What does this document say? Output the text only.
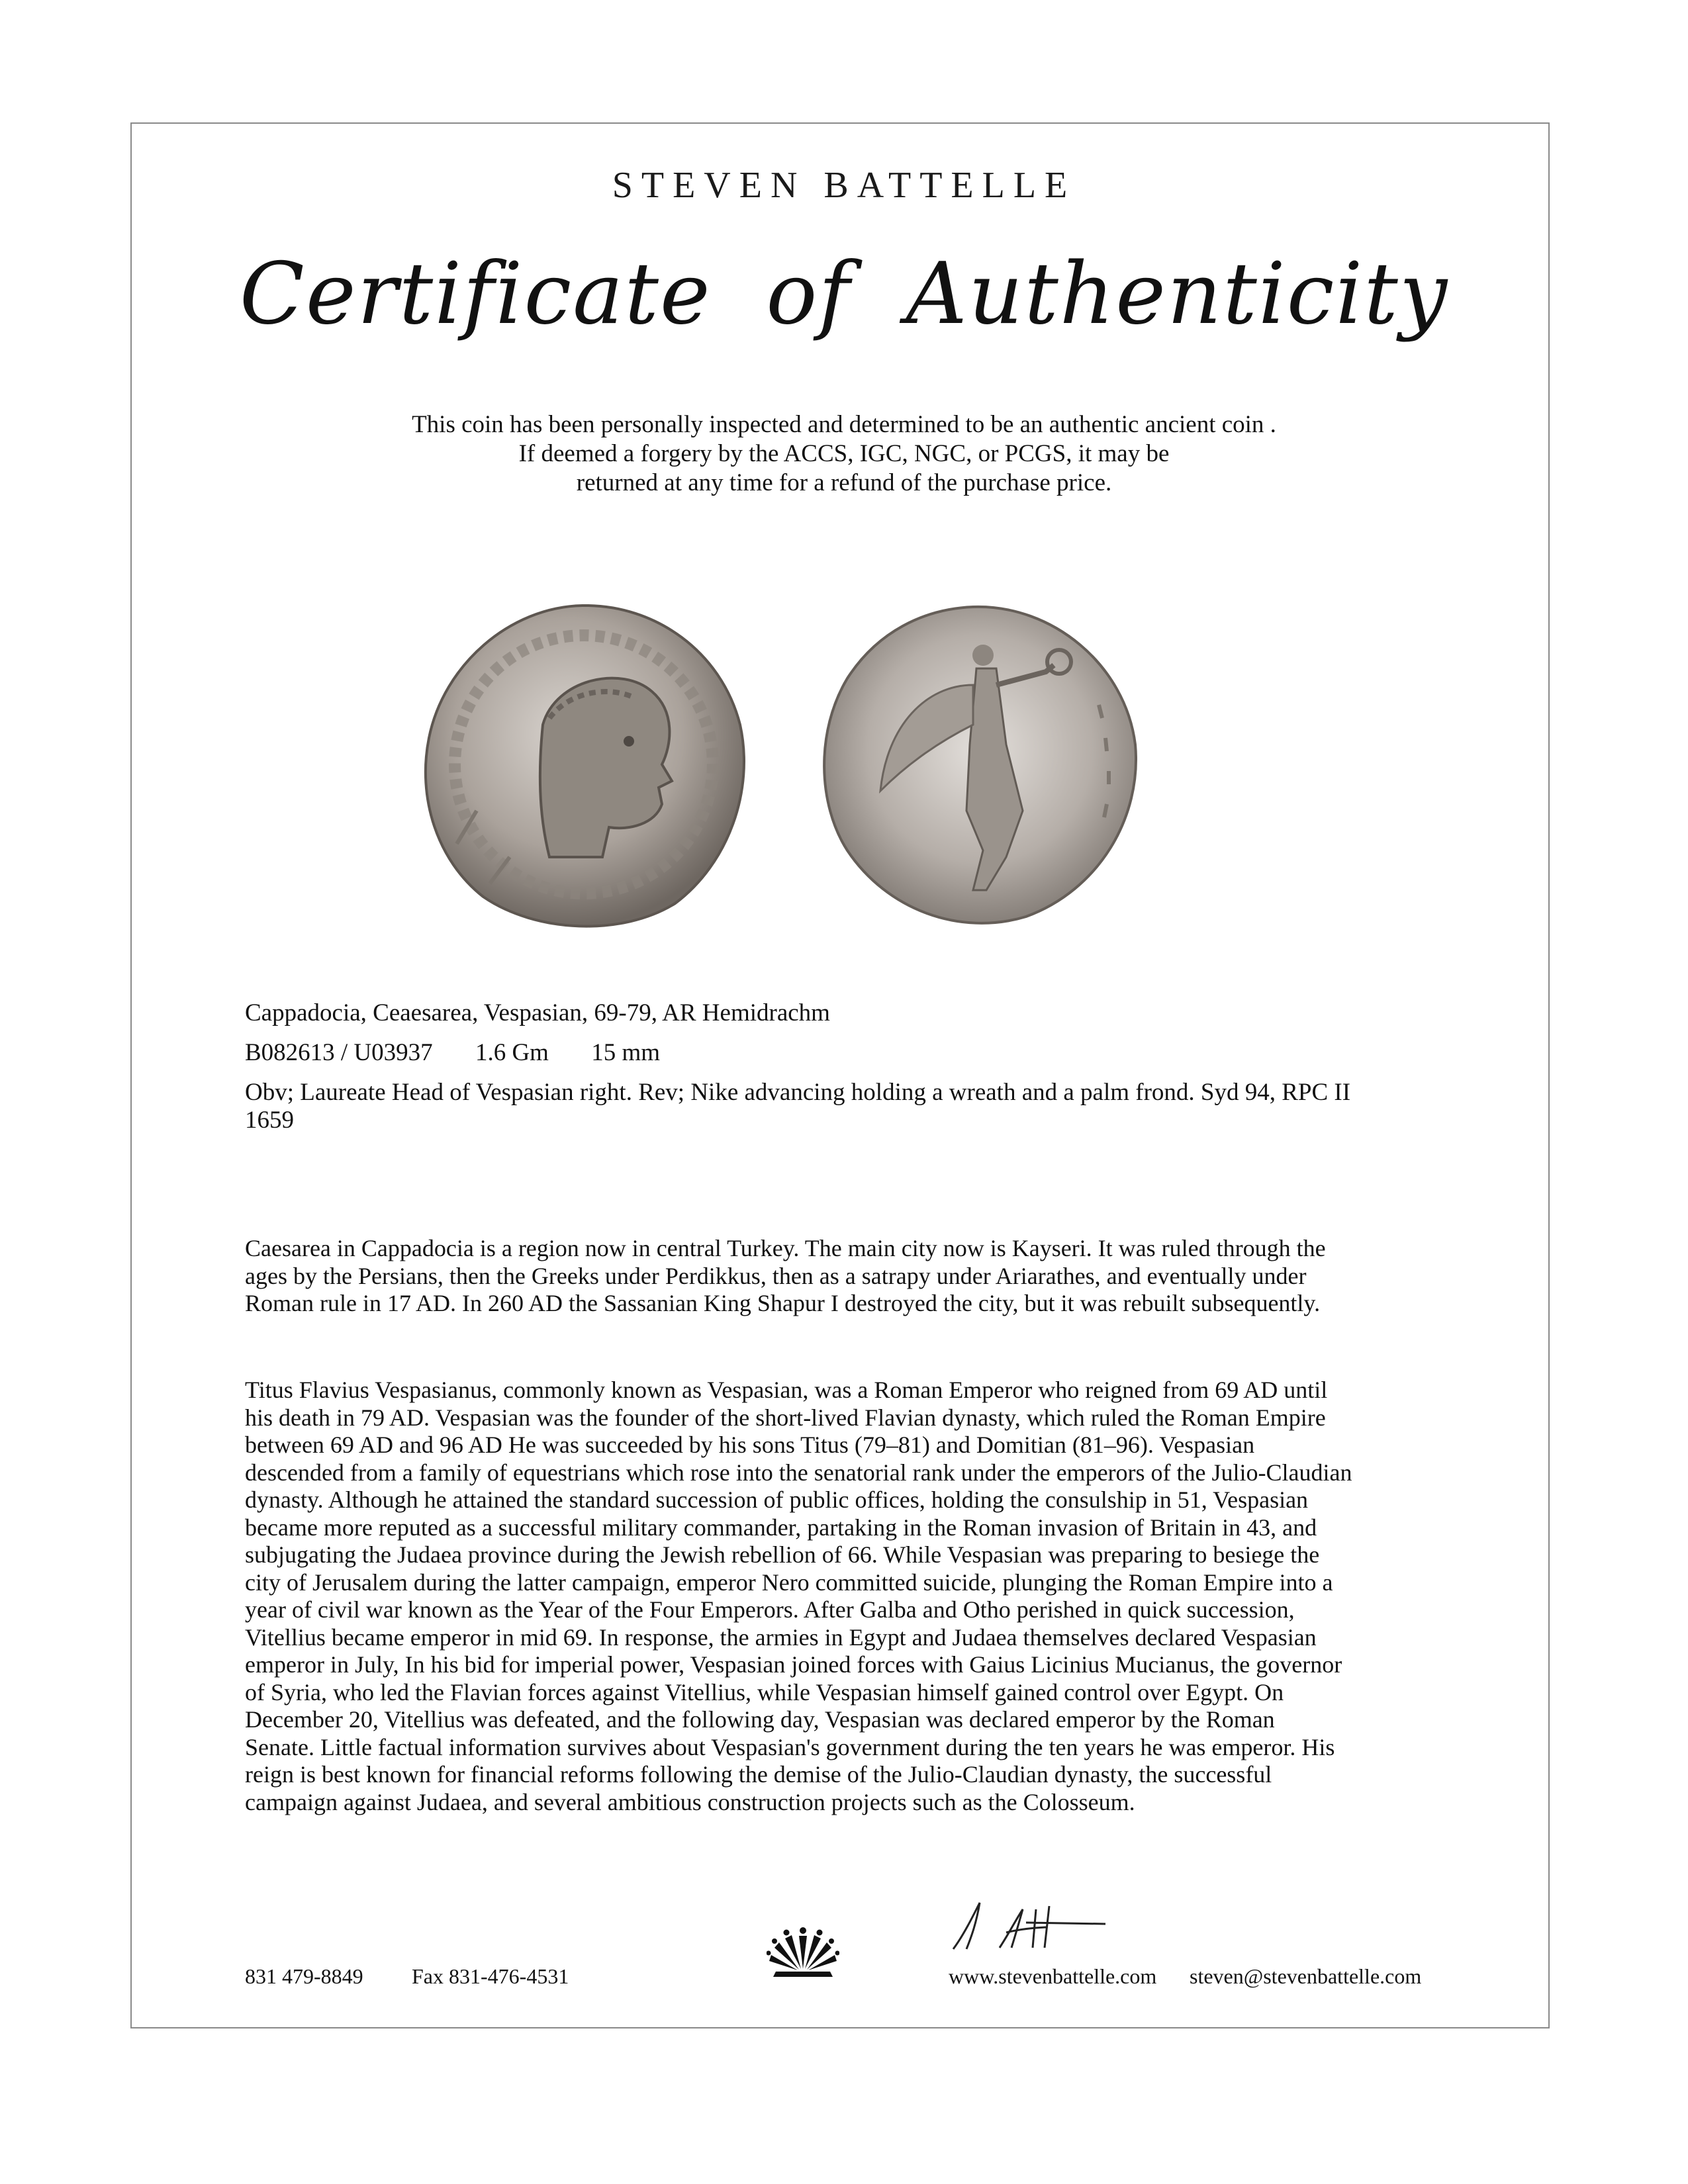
STEVEN BATTELLE
Certificate of Authenticity
This coin has been personally inspected and determined to be an authentic ancient coin .
If deemed a forgery by the ACCS, IGC, NGC, or PCGS, it may be
returned at any time for a refund of the purchase price.
Cappadocia, Ceaesarea, Vespasian, 69-79, AR Hemidrachm
B082613 / U03937 1.6 Gm 15 mm
Obv; Laureate Head of Vespasian right. Rev; Nike advancing holding a wreath and a palm frond. Syd 94, RPC II 1659
Caesarea in Cappadocia is a region now in central Turkey. The main city now is Kayseri. It was ruled through the
ages by the Persians, then the Greeks under Perdikkus, then as a satrapy under Ariarathes, and eventually under
Roman rule in 17 AD. In 260 AD the Sassanian King Shapur I destroyed the city, but it was rebuilt subsequently.
Titus Flavius Vespasianus, commonly known as Vespasian, was a Roman Emperor who reigned from 69 AD until
his death in 79 AD. Vespasian was the founder of the short-lived Flavian dynasty, which ruled the Roman Empire
between 69 AD and 96 AD He was succeeded by his sons Titus (79–81) and Domitian (81–96). Vespasian
descended from a family of equestrians which rose into the senatorial rank under the emperors of the Julio-Claudian
dynasty. Although he attained the standard succession of public offices, holding the consulship in 51, Vespasian
became more reputed as a successful military commander, partaking in the Roman invasion of Britain in 43, and
subjugating the Judaea province during the Jewish rebellion of 66. While Vespasian was preparing to besiege the
city of Jerusalem during the latter campaign, emperor Nero committed suicide, plunging the Roman Empire into a
year of civil war known as the Year of the Four Emperors. After Galba and Otho perished in quick succession,
Vitellius became emperor in mid 69. In response, the armies in Egypt and Judaea themselves declared Vespasian
emperor in July, In his bid for imperial power, Vespasian joined forces with Gaius Licinius Mucianus, the governor
of Syria, who led the Flavian forces against Vitellius, while Vespasian himself gained control over Egypt. On
December 20, Vitellius was defeated, and the following day, Vespasian was declared emperor by the Roman
Senate. Little factual information survives about Vespasian's government during the ten years he was emperor. His
reign is best known for financial reforms following the demise of the Julio-Claudian dynasty, the successful
campaign against Judaea, and several ambitious construction projects such as the Colosseum.
831 479-8849 Fax 831-476-4531	www.stevenbattelle.com steven@stevenbattelle.com
